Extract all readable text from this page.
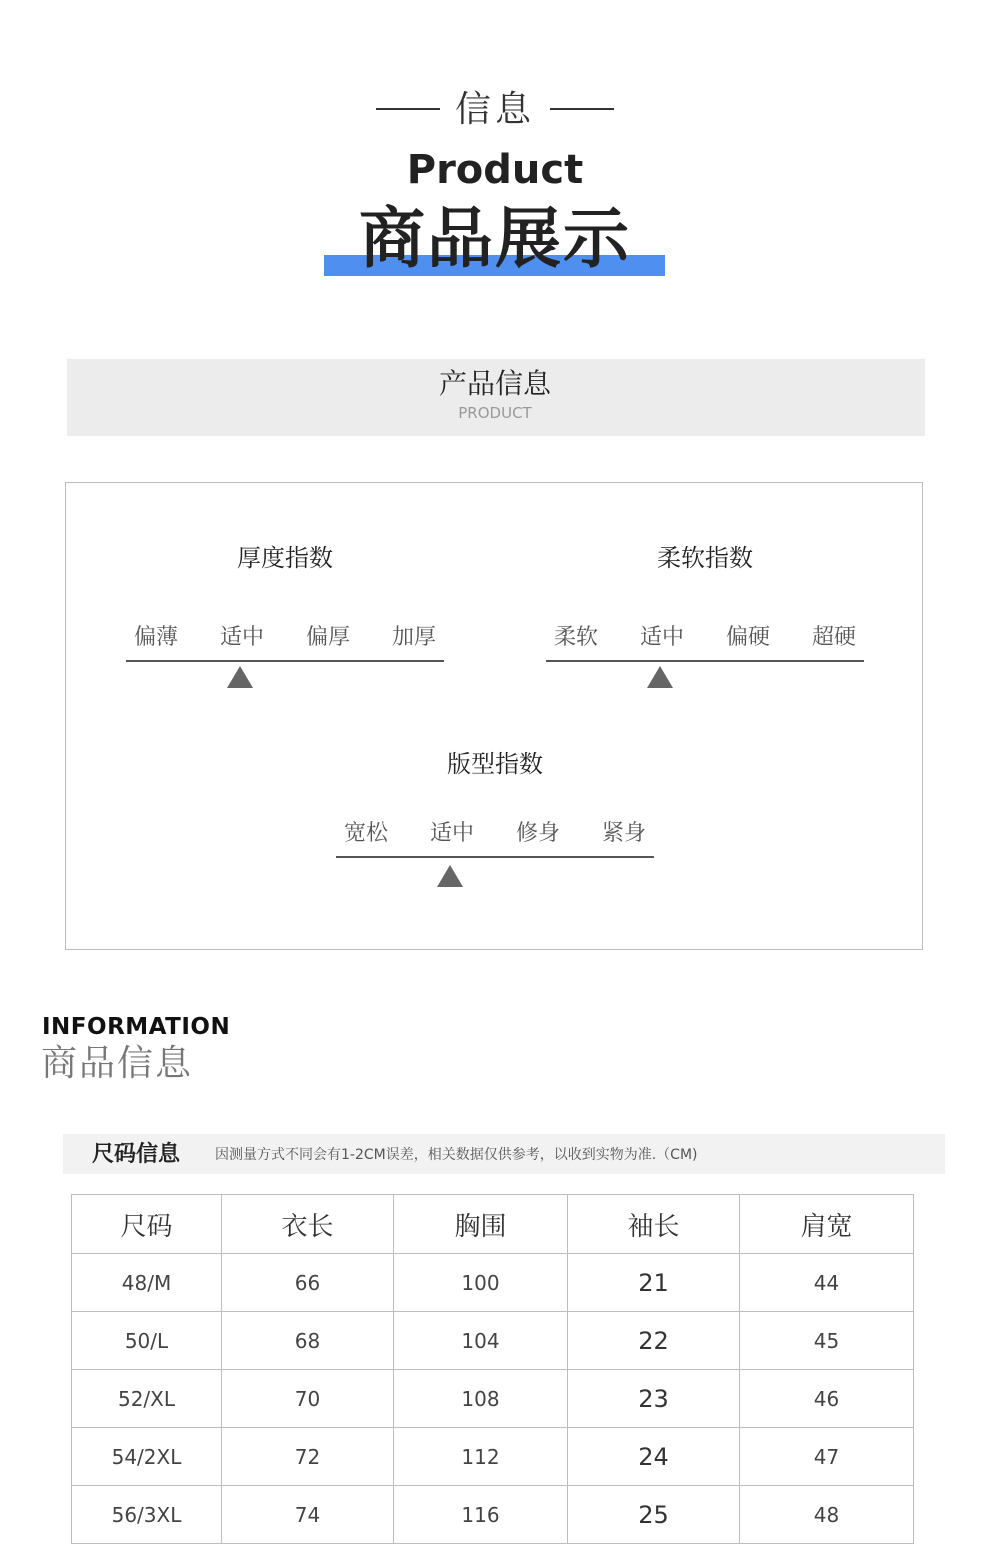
信息
Product
商品展示
产品信息
PRODUCT
厚度指数
偏薄	适中	偏厚	加厚
柔软指数
柔软	适中	偏硬	超硬
版型指数
宽松	适中	修身	紧身
INFORMATION
商品信息
尺码信息 因测量方式不同会有1-2CM误差，相关数据仅供参考，以收到实物为准.（CM)
尺码	衣长	胸围	袖长	肩宽
48/M	66	100	21	44
50/L	68	104	22	45
52/XL	70	108	23	46
54/2XL	72	112	24	47
56/3XL	74	116	25	48
